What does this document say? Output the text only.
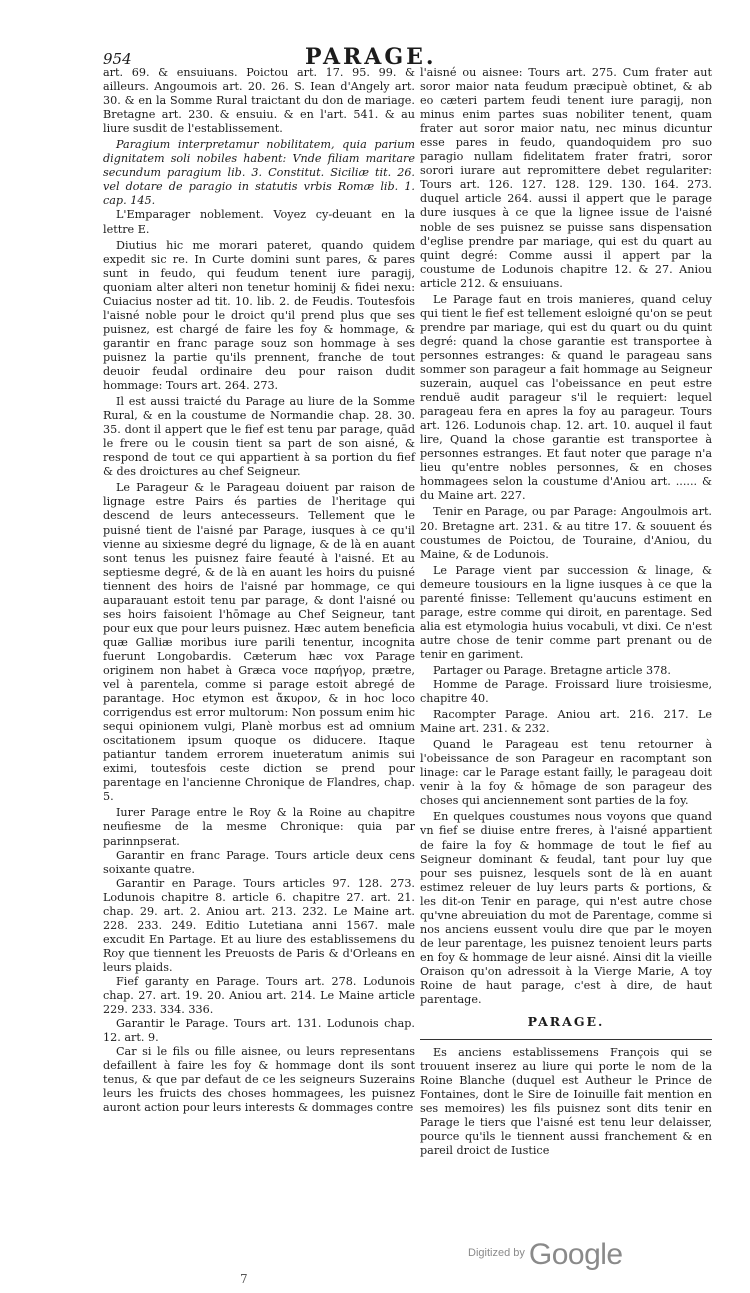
954	PARAGE.

art. 69. & ensuiuans. Poictou art. 17. 95. 99. & ailleurs. Angoumois art. 20. 26. S. Iean d'Angely art. 30. & en la Somme Rural traictant du don de mariage. Bretagne art. 230. & ensuiu. & en l'art. 541. & au liure susdit de l'establissement.

Paragium interpretamur nobilitatem, quia parium dignitatem soli nobiles habent: Vnde filiam maritare secundum paragium lib. 3. Constitut. Siciliæ tit. 26. vel dotare de paragio in statutis vrbis Romæ lib. 1. cap. 145.

L'Emparager noblement. Voyez cy-deuant en la lettre E.

Diutius hic me morari pateret, quando quidem expedit sic re. In Curte domini sunt pares, & pares sunt in feudo, qui feudum tenent iure paragij, quoniam alter alteri non tenetur hominij & fidei nexu: Cuiacius noster ad tit. 10. lib. 2. de Feudis. Toutesfois l'aisné noble pour le droict qu'il prend plus que ses puisnez, est chargé de faire les foy & hommage, & garantir en franc parage souz son hommage à ses puisnez la partie qu'ils prennent, franche de tout deuoir feudal ordinaire deu pour raison dudit hommage: Tours art. 264. 273.

Il est aussi traicté du Parage au liure de la Somme Rural, & en la coustume de Normandie chap. 28. 30. 35. dont il appert que le fief est tenu par parage, quād le frere ou le cousin tient sa part de son aisné, & respond de tout ce qui appartient à sa portion du fief & des droictures au chef Seigneur.

Le Parageur & le Parageau doiuent par raison de lignage estre Pairs és parties de l'heritage qui descend de leurs antecesseurs. Tellement que le puisné tient de l'aisné par Parage, iusques à ce qu'il vienne au sixiesme degré du lignage, & de là en auant sont tenus les puisnez faire feauté à l'aisné. Et au septiesme degré, & de là en auant les hoirs du puisné tiennent des hoirs de l'aisné par hommage, ce qui auparauant estoit tenu par parage, & dont l'aisné ou ses hoirs faisoient l'hōmage au Chef Seigneur, tant pour eux que pour leurs puisnez. Hæc autem beneficia quæ Galliæ moribus iure parili tenentur, incognita fuerunt Longobardis. Cæterum hæc vox Parage originem non habet à Græca voce παρήγορ, prætre, vel à parentela, comme si parage estoit abregé de parantage. Hoc etymon est ἄκυρον, & in hoc loco corrigendus est error multorum: Non possum enim hic sequi opinionem vulgi, Planè morbus est ad omnium oscitationem ipsum quoque os diducere. Itaque patiantur tandem errorem inueteratum animis sui eximi, toutesfois ceste diction se prend pour parentage en l'ancienne Chronique de Flandres, chap. 5.

Iurer Parage entre le Roy & la Roine au chapitre neufiesme de la mesme Chronique: quia par parinnpserat.

Garantir en franc Parage. Tours article deux cens soixante quatre.

Garantir en Parage. Tours articles 97. 128. 273. Lodunois chapitre 8. article 6. chapitre 27. art. 21. chap. 29. art. 2. Aniou art. 213. 232. Le Maine art. 228. 233. 249. Editio Lutetiana anni 1567. male excudit En Partage. Et au liure des establissemens du Roy que tiennent les Preuosts de Paris & d'Orleans en leurs plaids.

Fief garanty en Parage. Tours art. 278. Lodunois chap. 27. art. 19. 20. Aniou art. 214. Le Maine article 229. 233. 334. 336.

Garantir le Parage. Tours art. 131. Lodunois chap. 12. art. 9.

Car si le fils ou fille aisnee, ou leurs representans defaillent à faire les foy & hommage dont ils sont tenus, & que par defaut de ce les seigneurs Suzerains leurs les fruicts des choses hommagees, les puisnez auront action pour leurs interests & dommages contre

l'aisné ou aisnee: Tours art. 275. Cum frater aut soror maior nata feudum præcipuè obtinet, & ab eo cæteri partem feudi tenent iure paragij, non minus enim partes suas nobiliter tenent, quam frater aut soror maior natu, nec minus dicuntur esse pares in feudo, quandoquidem pro suo paragio nullam fidelitatem frater fratri, soror sorori iurare aut repromittere debet regulariter: Tours art. 126. 127. 128. 129. 130. 164. 273. duquel article 264. aussi il appert que le parage dure iusques à ce que la lignee issue de l'aisné noble de ses puisnez se puisse sans dispensation d'eglise prendre par mariage, qui est du quart au quint degré: Comme aussi il appert par la coustume de Lodunois chapitre 12. & 27. Aniou article 212. & ensuiuans.

Le Parage faut en trois manieres, quand celuy qui tient le fief est tellement esloigné qu'on se peut prendre par mariage, qui est du quart ou du quint degré: quand la chose garantie est transportee à personnes estranges: & quand le parageau sans sommer son parageur a fait hommage au Seigneur suzerain, auquel cas l'obeissance en peut estre renduë audit parageur s'il le requiert: lequel parageau fera en apres la foy au parageur. Tours art. 126. Lodunois chap. 12. art. 10. auquel il faut lire, Quand la chose garantie est transportee à personnes estranges. Et faut noter que parage n'a lieu qu'entre nobles personnes, & en choses hommagees selon la coustume d'Aniou art. ...... & du Maine art. 227.

Tenir en Parage, ou par Parage: Angoulmois art. 20. Bretagne art. 231. & au titre 17. & souuent és coustumes de Poictou, de Touraine, d'Aniou, du Maine, & de Lodunois.

Le Parage vient par succession & linage, & demeure tousiours en la ligne iusques à ce que la parenté finisse: Tellement qu'aucuns estiment en parage, estre comme qui diroit, en parentage. Sed alia est etymologia huius vocabuli, vt dixi. Ce n'est autre chose de tenir comme part prenant ou de tenir en gariment.

Partager ou Parage. Bretagne article 378.

Homme de Parage. Froissard liure troisiesme, chapitre 40.

Racompter Parage. Aniou art. 216. 217. Le Maine art. 231. & 232.

Quand le Parageau est tenu retourner à l'obeissance de son Parageur en racomptant son linage: car le Parage estant failly, le parageau doit venir à la foy & hōmage de son parageur des choses qui anciennement sont parties de la foy.

En quelques coustumes nous voyons que quand vn fief se diuise entre freres, à l'aisné appartient de faire la foy & hommage de tout le fief au Seigneur dominant & feudal, tant pour luy que pour ses puisnez, lesquels sont de là en auant estimez releuer de luy leurs parts & portions, & les dit-on Tenir en parage, qui n'est autre chose qu'vne abreuiation du mot de Parentage, comme si nos anciens eussent voulu dire que par le moyen de leur parentage, les puisnez tenoient leurs parts en foy & hommage de leur aisné. Ainsi dit la vieille Oraison qu'on adressoit à la Vierge Marie, A toy Roine de haut parage, c'est à dire, de haut parentage.

PARAGE.

Es anciens establissemens François qui se trouuent inserez au liure qui porte le nom de la Roine Blanche (duquel est Autheur le Prince de Fontaines, dont le Sire de Ioinuille fait mention en ses memoires) les fils puisnez sont dits tenir en Parage le tiers que l'aisné est tenu leur delaisser, pource qu'ils le tiennent aussi franchement & en pareil droict de Iustice

$^{Digitized by}$ Google
7
